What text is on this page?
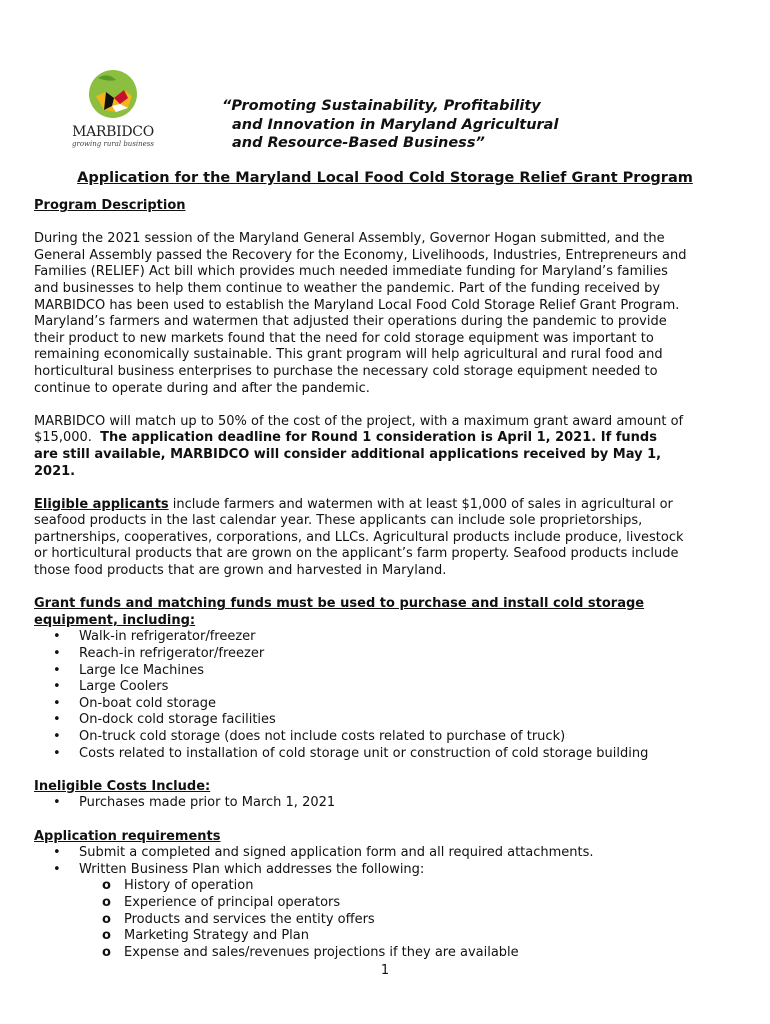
MARBIDCO
growing rural business
“Promoting Sustainability, Profitability
and Innovation in Maryland Agricultural
and Resource-Based Business”
Application for the Maryland Local Food Cold Storage Relief Grant Program

Program Description

During the 2021 session of the Maryland General Assembly, Governor Hogan submitted, and the

General Assembly passed the Recovery for the Economy, Livelihoods, Industries, Entrepreneurs and

Families (RELIEF) Act bill which provides much needed immediate funding for Maryland’s families

and businesses to help them continue to weather the pandemic. Part of the funding received by

MARBIDCO has been used to establish the Maryland Local Food Cold Storage Relief Grant Program.

Maryland’s farmers and watermen that adjusted their operations during the pandemic to provide

their product to new markets found that the need for cold storage equipment was important to

remaining economically sustainable. This grant program will help agricultural and rural food and

horticultural business enterprises to purchase the necessary cold storage equipment needed to

continue to operate during and after the pandemic.

MARBIDCO will match up to 50% of the cost of the project, with a maximum grant award amount of

$15,000.  The application deadline for Round 1 consideration is April 1, 2021. If funds

are still available, MARBIDCO will consider additional applications received by May 1,

2021.

Eligible applicants include farmers and watermen with at least $1,000 of sales in agricultural or

seafood products in the last calendar year. These applicants can include sole proprietorships,

partnerships, cooperatives, corporations, and LLCs. Agricultural products include produce, livestock

or horticultural products that are grown on the applicant’s farm property. Seafood products include

those food products that are grown and harvested in Maryland.

Grant funds and matching funds must be used to purchase and install cold storage

equipment, including:

• Walk-in refrigerator/freezer
• Reach-in refrigerator/freezer
• Large Ice Machines
• Large Coolers
• On-boat cold storage
• On-dock cold storage facilities
• On-truck cold storage (does not include costs related to purchase of truck)
• Costs related to installation of cold storage unit or construction of cold storage building

Ineligible Costs Include:

• Purchases made prior to March 1, 2021

Application requirements

• Submit a completed and signed application form and all required attachments.
• Written Business Plan which addresses the following:
o History of operation
o Experience of principal operators
o Products and services the entity offers
o Marketing Strategy and Plan
o Expense and sales/revenues projections if they are available
1
